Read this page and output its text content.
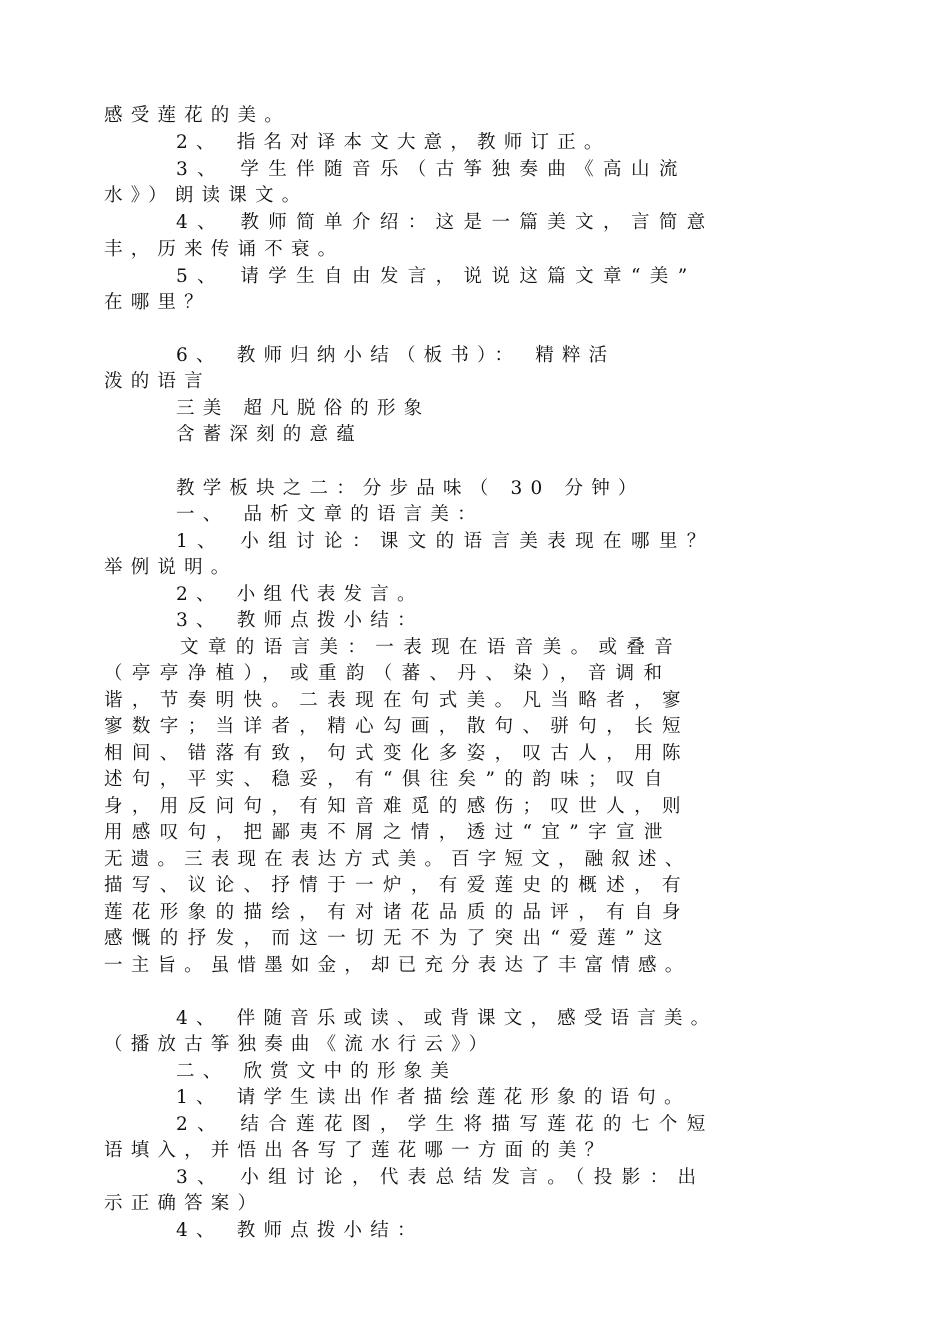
感受莲花的美。
2、 指名对译本文大意，教师订正。
3、 学生伴随音乐（古筝独奏曲《高山流
水》）朗读课文。
4、 教师简单介绍：这是一篇美文，言简意
丰，历来传诵不衰。
5、 请学生自由发言，说说这篇文章“美”
在哪里？
6、 教师归纳小结（板书）： 精粹活
泼的语言
三美 超凡脱俗的形象
含蓄深刻的意蕴
教学板块之二：分步品味（ 30 分钟）
一、 品析文章的语言美：
1、 小组讨论：课文的语言美表现在哪里？
举例说明。
2、 小组代表发言。
3、 教师点拨小结：
文章的语言美：一表现在语音美。或叠音
（亭亭净植），或重韵（蕃、丹、染），音调和
谐，节奏明快。二表现在句式美。凡当略者，寥
寥数字；当详者，精心勾画，散句、骈句，长短
相间、错落有致，句式变化多姿，叹古人，用陈
述句，平实、稳妥，有“俱往矣”的韵味；叹自
身，用反问句，有知音难觅的感伤；叹世人，则
用感叹句，把鄙夷不屑之情，透过“宜”字宣泄
无遗。三表现在表达方式美。百字短文，融叙述、
描写、议论、抒情于一炉，有爱莲史的概述，有
莲花形象的描绘，有对诸花品质的品评，有自身
感慨的抒发，而这一切无不为了突出“爱莲”这
一主旨。虽惜墨如金，却已充分表达了丰富情感。
4、 伴随音乐或读、或背课文，感受语言美。
（播放古筝独奏曲《流水行云》）
二、 欣赏文中的形象美
1、 请学生读出作者描绘莲花形象的语句。
2、 结合莲花图，学生将描写莲花的七个短
语填入，并悟出各写了莲花哪一方面的美？
3、 小组讨论，代表总结发言。（投影：出
示正确答案）
4、 教师点拨小结：
